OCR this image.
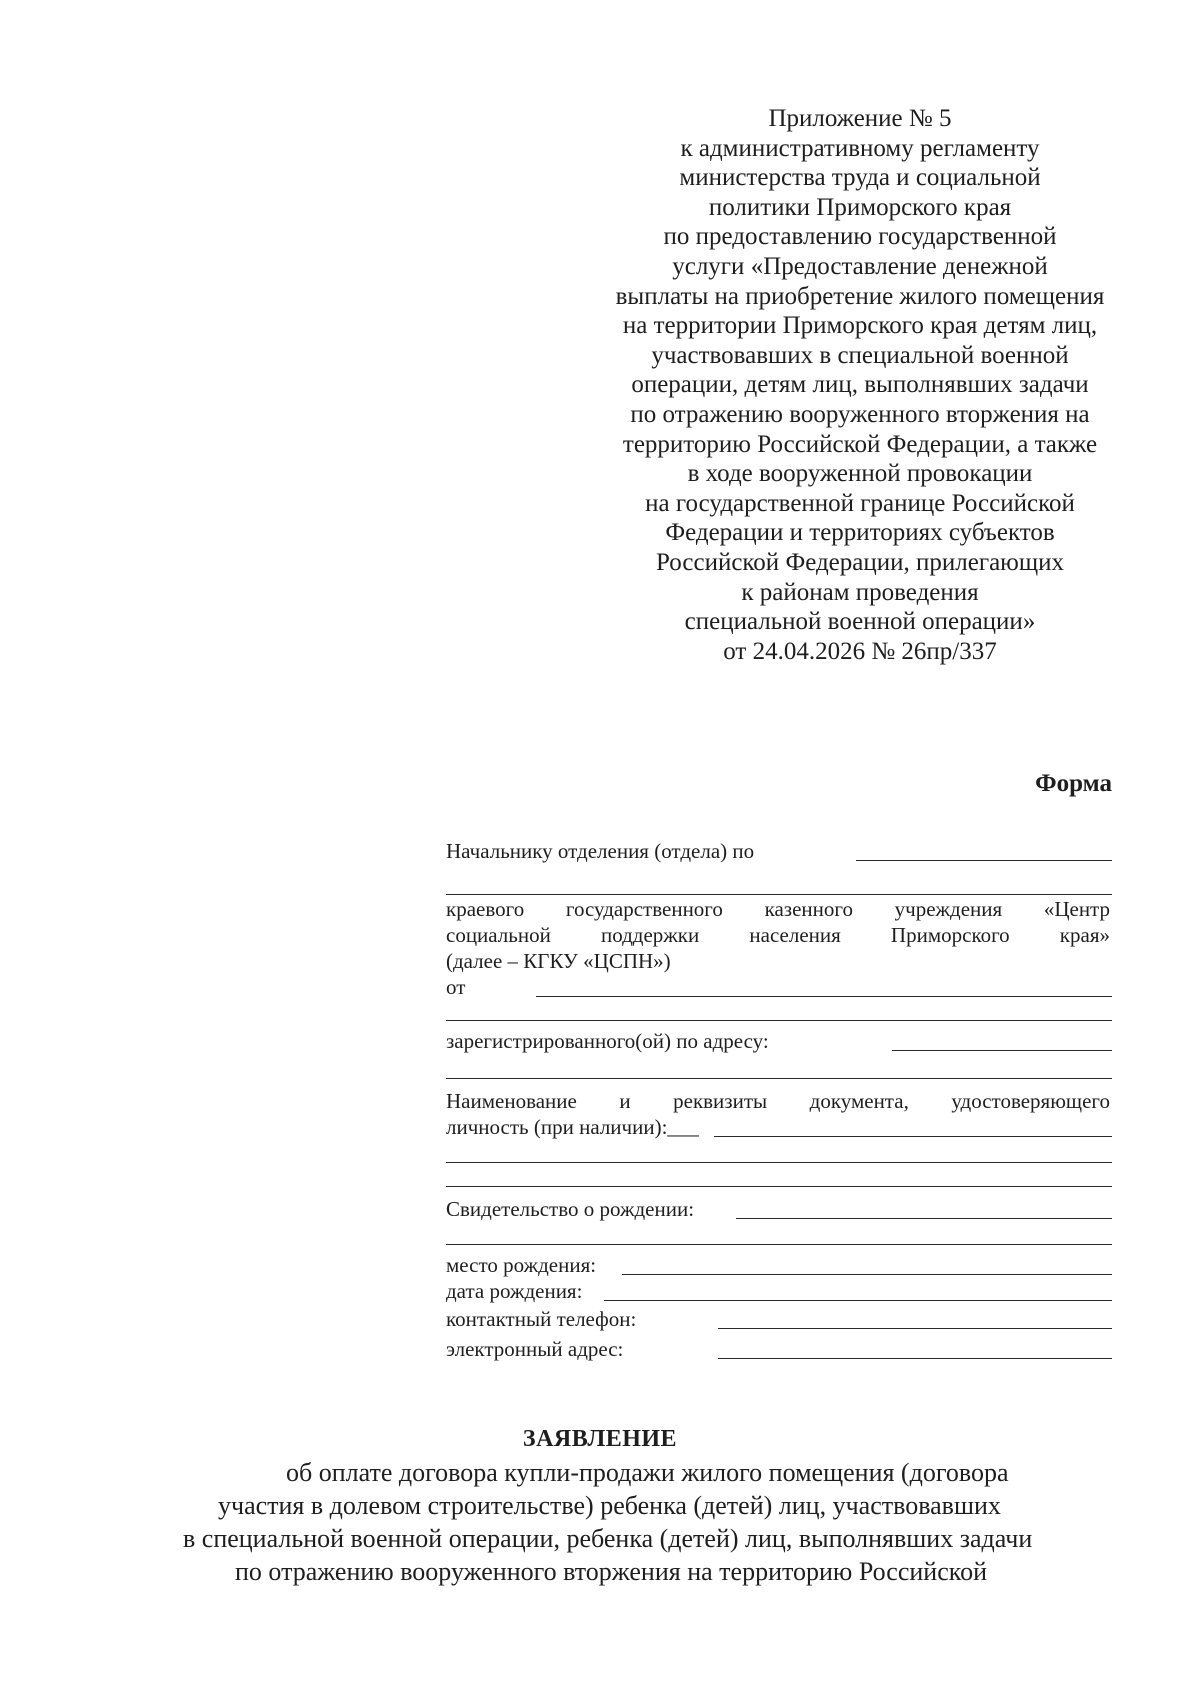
Приложение № 5
к административному регламенту
министерства труда и социальной
политики Приморского края
по предоставлению государственной
услуги «Предоставление денежной
выплаты на приобретение жилого помещения
на территории Приморского края детям лиц,
участвовавших в специальной военной
операции, детям лиц, выполнявших задачи
по отражению вооруженного вторжения на
территорию Российской Федерации, а также
в ходе вооруженной провокации
на государственной границе Российской
Федерации и территориях субъектов
Российской Федерации, прилегающих
к районам проведения
специальной военной операции»
от 24.04.2026 № 26пр/337
Форма
Начальнику отделения (отдела) по
краевого государственного казенного учреждения «Центр
социальной поддержки населения Приморского края»
(далее – КГКУ «ЦСПН»)
от
зарегистрированного(ой) по адресу:
Наименование и реквизиты документа, удостоверяющего
личность (при наличии):___
Свидетельство о рождении:
место рождения:
дата рождения:
контактный телефон:
электронный адрес:
ЗАЯВЛЕНИЕ
об оплате договора купли-продажи жилого помещения (договора
участия в долевом строительстве) ребенка (детей) лиц, участвовавших
в специальной военной операции, ребенка (детей) лиц, выполнявших задачи
по отражению вооруженного вторжения на территорию Российской
